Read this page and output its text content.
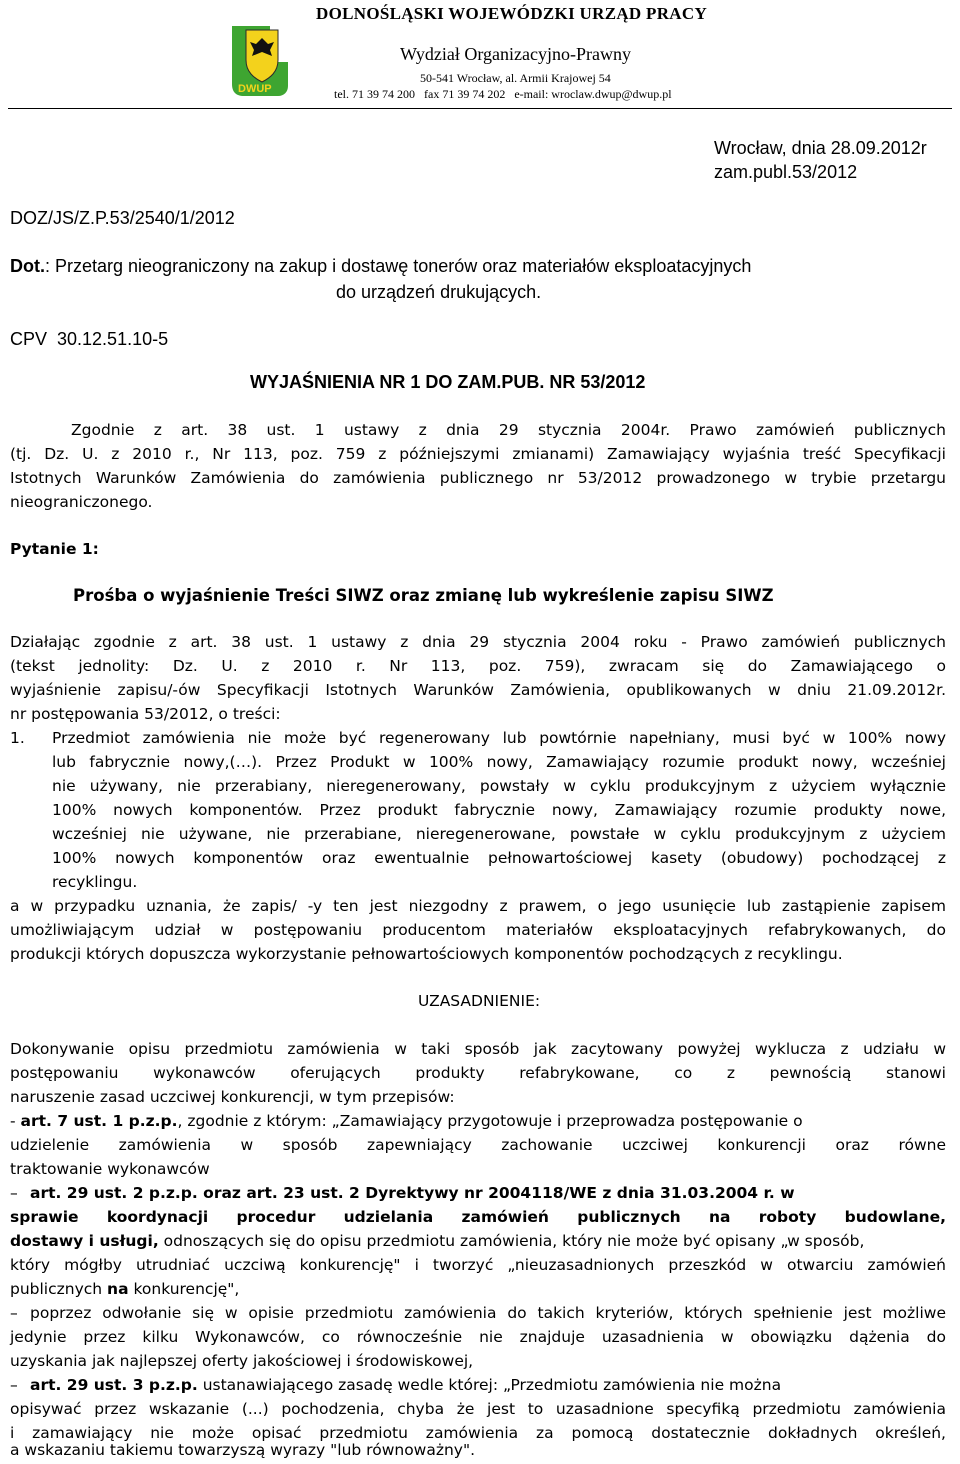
DWUP
DOLNOŚLĄSKI WOJEWÓDZKI URZĄD PRACY
Wydział Organizacyjno-Prawny
50-541 Wrocław, al. Armii Krajowej 54
tel. 71 39 74 200   fax 71 39 74 202   e-mail: wroclaw.dwup@dwup.pl
Wrocław, dnia 28.09.2012r
zam.publ.53/2012
DOZ/JS/Z.P.53/2540/1/2012
Dot.: Przetarg nieograniczony na zakup i dostawę tonerów oraz materiałów eksploatacyjnych
do urządzeń drukujących.
CPV  30.12.51.10-5
WYJAŚNIENIA NR 1 DO ZAM.PUB. NR 53/2012
Zgodnie z art. 38 ust. 1 ustawy z dnia 29 stycznia 2004r. Prawo zamówień publicznych
(tj. Dz. U. z 2010 r., Nr 113, poz. 759 z późniejszymi zmianami) Zamawiający wyjaśnia treść Specyfikacji
Istotnych Warunków Zamówienia do zamówienia publicznego nr 53/2012 prowadzonego w trybie przetargu
nieograniczonego.
Pytanie 1:
Prośba o wyjaśnienie Treści SIWZ oraz zmianę lub wykreślenie zapisu SIWZ
Działając zgodnie z art. 38 ust. 1 ustawy z dnia 29 stycznia 2004 roku - Prawo zamówień publicznych
(tekst jednolity: Dz. U. z 2010 r. Nr 113, poz. 759), zwracam się do Zamawiającego o
wyjaśnienie zapisu/-ów Specyfikacji Istotnych Warunków Zamówienia, opublikowanych w dniu 21.09.2012r.
nr postępowania 53/2012, o treści:
1.	Przedmiot zamówienia nie może być regenerowany lub powtórnie napełniany, musi być w 100% nowy
lub fabrycznie nowy,(…). Przez Produkt w 100% nowy, Zamawiający rozumie produkt nowy, wcześniej
nie używany, nie przerabiany, nieregenerowany, powstały w cyklu produkcyjnym z użyciem wyłącznie
100% nowych komponentów. Przez produkt fabrycznie nowy, Zamawiający rozumie produkty nowe,
wcześniej nie używane, nie przerabiane, nieregenerowane, powstałe w cyklu produkcyjnym z użyciem
100% nowych komponentów oraz ewentualnie pełnowartościowej kasety (obudowy) pochodzącej z
recyklingu.
a w przypadku uznania, że zapis/ -y ten jest niezgodny z prawem, o jego usunięcie lub zastąpienie zapisem
umożliwiającym udział w postępowaniu producentom materiałów eksploatacyjnych refabrykowanych, do
produkcji których dopuszcza wykorzystanie pełnowartościowych komponentów pochodzących z recyklingu.
UZASADNIENIE:
Dokonywanie opisu przedmiotu zamówienia w taki sposób jak zacytowany powyżej wyklucza z udziału w
postępowaniu wykonawców oferujących produkty refabrykowane, co z pewnością stanowi
naruszenie zasad uczciwej konkurencji, w tym przepisów:
- art. 7 ust. 1 p.z.p., zgodnie z którym: „Zamawiający przygotowuje i przeprowadza postępowanie o
udzielenie zamówienia w sposób zapewniający zachowanie uczciwej konkurencji oraz równe
traktowanie wykonawców
– art. 29 ust. 2 p.z.p. oraz art. 23 ust. 2 Dyrektywy nr 2004118/WE z dnia 31.03.2004 r. w
sprawie koordynacji procedur udzielania zamówień publicznych na roboty budowlane,
dostawy i usługi, odnoszących się do opisu przedmiotu zamówienia, który nie może być opisany „w sposób,
który mógłby utrudniać uczciwą konkurencję" i tworzyć „nieuzasadnionych przeszkód w otwarciu zamówień
publicznych na konkurencję",
– poprzez odwołanie się w opisie przedmiotu zamówienia do takich kryteriów, których spełnienie jest możliwe
jedynie przez kilku Wykonawców, co równocześnie nie znajduje uzasadnienia w obowiązku dążenia do
uzyskania jak najlepszej oferty jakościowej i środowiskowej,
– art. 29 ust. 3 p.z.p. ustanawiającego zasadę wedle której: „Przedmiotu zamówienia nie można
opisywać przez wskazanie (...) pochodzenia, chyba że jest to uzasadnione specyfiką przedmiotu zamówienia
i zamawiający nie może opisać przedmiotu zamówienia za pomocą dostatecznie dokładnych określeń,
a wskazaniu takiemu towarzyszą wyrazy "lub równoważny".
